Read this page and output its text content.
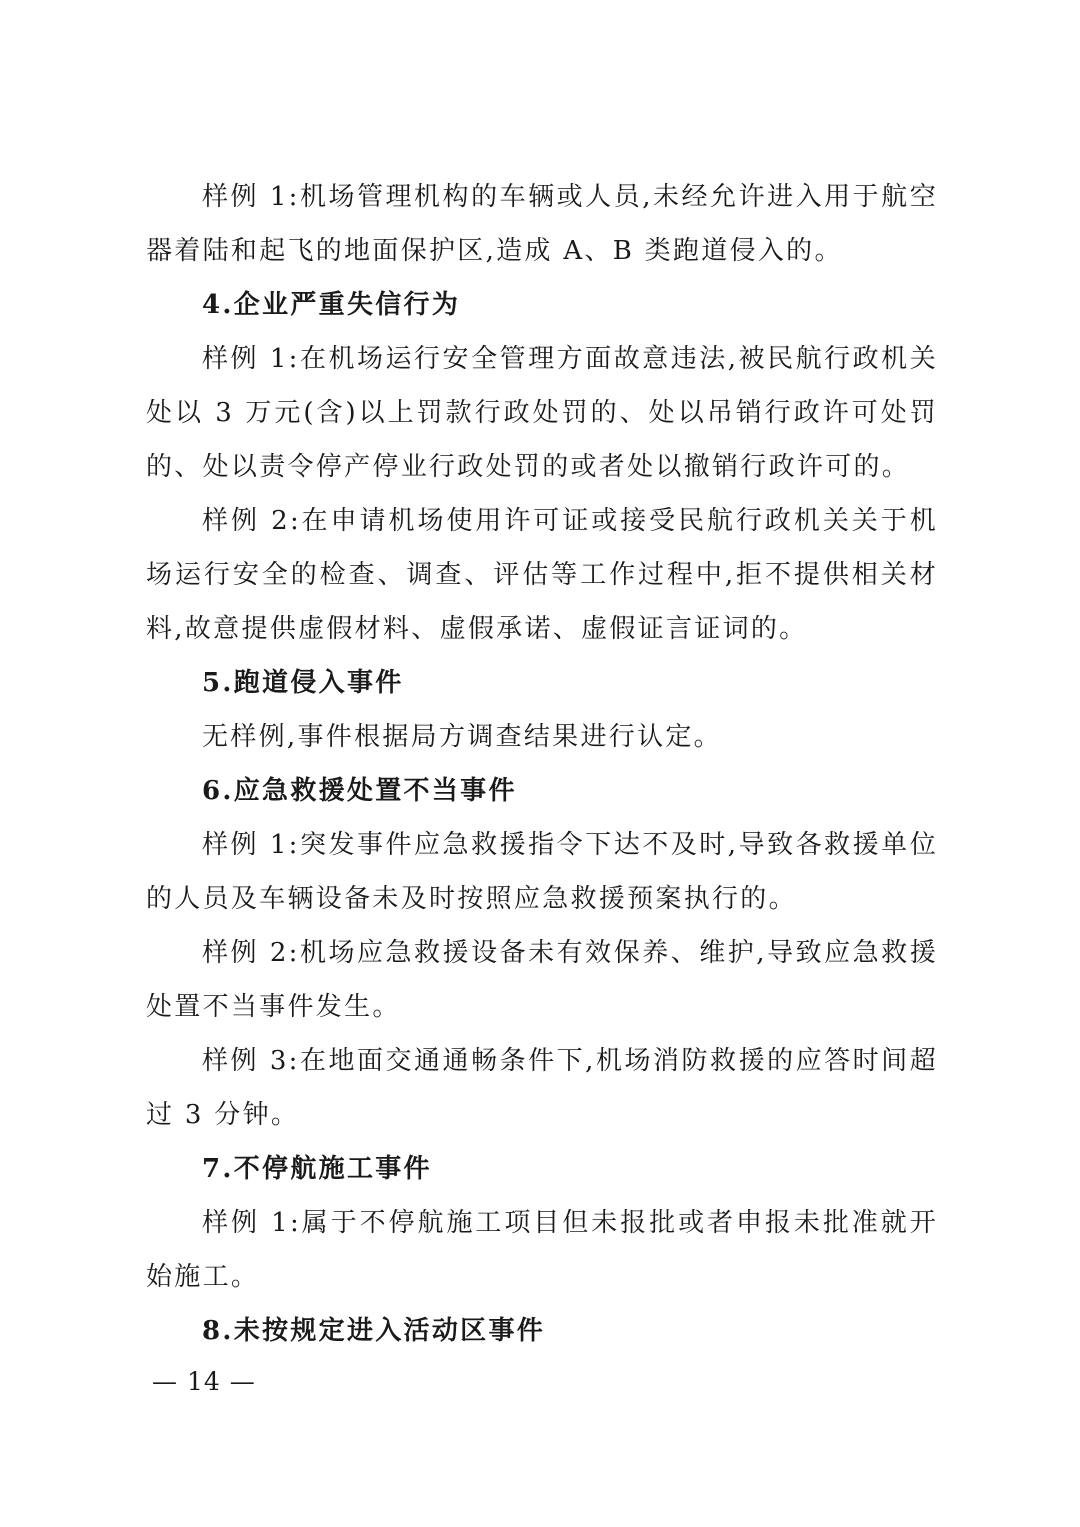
样例 1:机场管理机构的车辆或人员,未经允许进入用于航空器着陆和起飞的地面保护区,造成 A、B 类跑道侵入的。

4.企业严重失信行为

样例 1:在机场运行安全管理方面故意违法,被民航行政机关处以 3 万元(含)以上罚款行政处罚的、处以吊销行政许可处罚的、处以责令停产停业行政处罚的或者处以撤销行政许可的。

样例 2:在申请机场使用许可证或接受民航行政机关关于机场运行安全的检查、调查、评估等工作过程中,拒不提供相关材料,故意提供虚假材料、虚假承诺、虚假证言证词的。

5.跑道侵入事件

无样例,事件根据局方调查结果进行认定。

6.应急救援处置不当事件

样例 1:突发事件应急救援指令下达不及时,导致各救援单位的人员及车辆设备未及时按照应急救援预案执行的。

样例 2:机场应急救援设备未有效保养、维护,导致应急救援处置不当事件发生。

样例 3:在地面交通通畅条件下,机场消防救援的应答时间超过 3 分钟。

7.不停航施工事件

样例 1:属于不停航施工项目但未报批或者申报未批准就开始施工。

8.未按规定进入活动区事件

— 14 —
